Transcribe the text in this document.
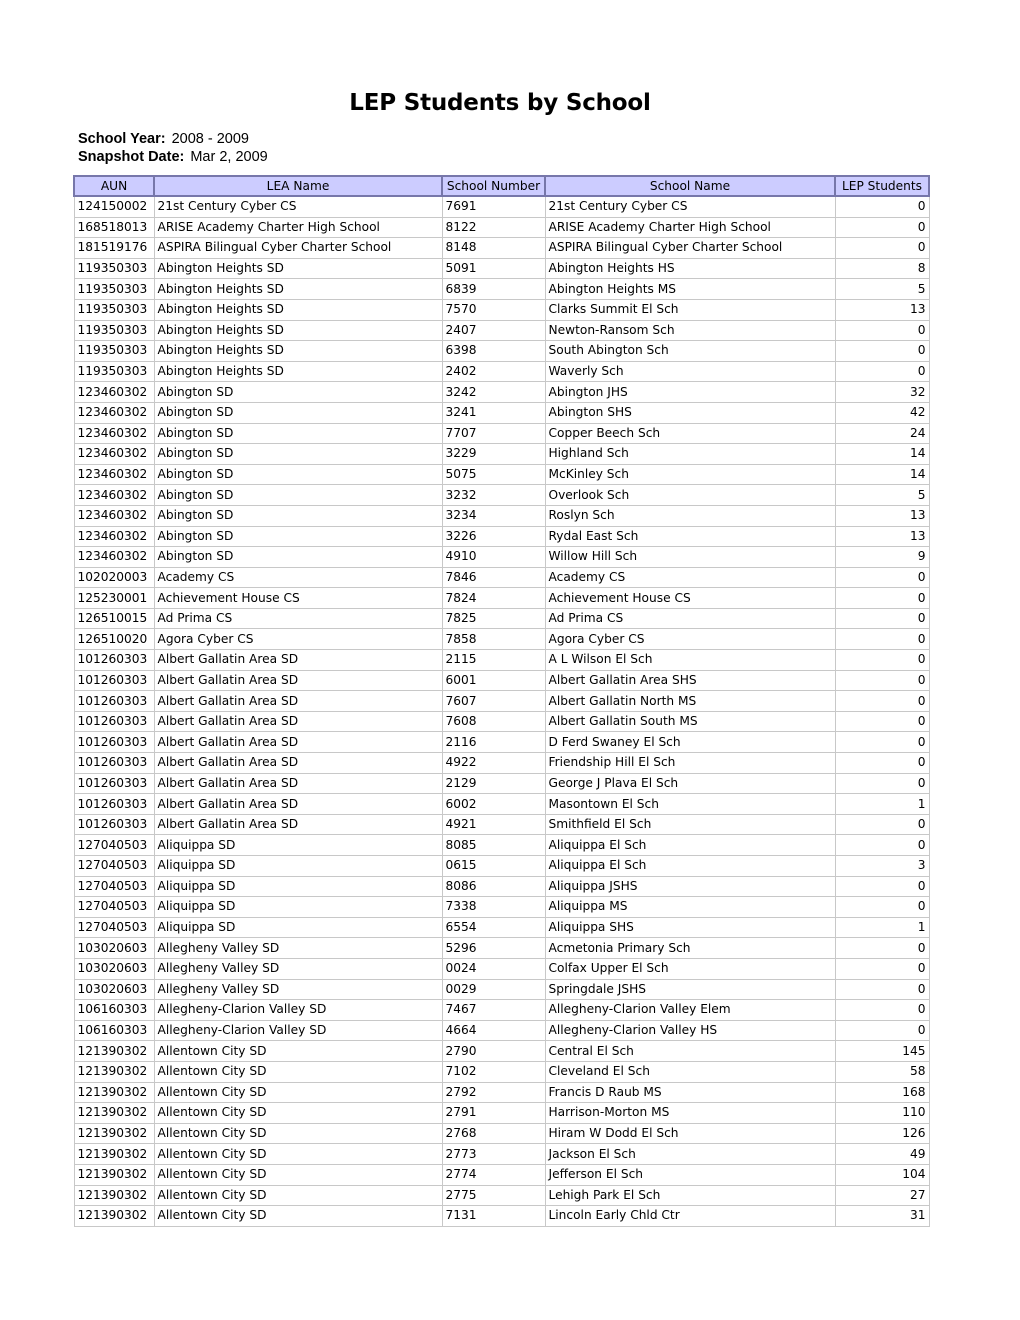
LEP Students by School
School Year: 2008 - 2009
Snapshot Date: Mar 2, 2009
AUN	LEA Name	School Number	School Name	LEP Students
124150002	21st Century Cyber CS	7691	21st Century Cyber CS	0
168518013	ARISE Academy Charter High School	8122	ARISE Academy Charter High School	0
181519176	ASPIRA Bilingual Cyber Charter School	8148	ASPIRA Bilingual Cyber Charter School	0
119350303	Abington Heights SD	5091	Abington Heights HS	8
119350303	Abington Heights SD	6839	Abington Heights MS	5
119350303	Abington Heights SD	7570	Clarks Summit El Sch	13
119350303	Abington Heights SD	2407	Newton-Ransom Sch	0
119350303	Abington Heights SD	6398	South Abington Sch	0
119350303	Abington Heights SD	2402	Waverly Sch	0
123460302	Abington SD	3242	Abington JHS	32
123460302	Abington SD	3241	Abington SHS	42
123460302	Abington SD	7707	Copper Beech Sch	24
123460302	Abington SD	3229	Highland Sch	14
123460302	Abington SD	5075	McKinley Sch	14
123460302	Abington SD	3232	Overlook Sch	5
123460302	Abington SD	3234	Roslyn Sch	13
123460302	Abington SD	3226	Rydal East Sch	13
123460302	Abington SD	4910	Willow Hill Sch	9
102020003	Academy CS	7846	Academy CS	0
125230001	Achievement House CS	7824	Achievement House CS	0
126510015	Ad Prima CS	7825	Ad Prima CS	0
126510020	Agora Cyber CS	7858	Agora Cyber CS	0
101260303	Albert Gallatin Area SD	2115	A L Wilson El Sch	0
101260303	Albert Gallatin Area SD	6001	Albert Gallatin Area SHS	0
101260303	Albert Gallatin Area SD	7607	Albert Gallatin North MS	0
101260303	Albert Gallatin Area SD	7608	Albert Gallatin South MS	0
101260303	Albert Gallatin Area SD	2116	D Ferd Swaney El Sch	0
101260303	Albert Gallatin Area SD	4922	Friendship Hill El Sch	0
101260303	Albert Gallatin Area SD	2129	George J Plava El Sch	0
101260303	Albert Gallatin Area SD	6002	Masontown El Sch	1
101260303	Albert Gallatin Area SD	4921	Smithfield El Sch	0
127040503	Aliquippa SD	8085	Aliquippa El Sch	0
127040503	Aliquippa SD	0615	Aliquippa El Sch	3
127040503	Aliquippa SD	8086	Aliquippa JSHS	0
127040503	Aliquippa SD	7338	Aliquippa MS	0
127040503	Aliquippa SD	6554	Aliquippa SHS	1
103020603	Allegheny Valley SD	5296	Acmetonia Primary Sch	0
103020603	Allegheny Valley SD	0024	Colfax Upper El Sch	0
103020603	Allegheny Valley SD	0029	Springdale JSHS	0
106160303	Allegheny-Clarion Valley SD	7467	Allegheny-Clarion Valley Elem	0
106160303	Allegheny-Clarion Valley SD	4664	Allegheny-Clarion Valley HS	0
121390302	Allentown City SD	2790	Central El Sch	145
121390302	Allentown City SD	7102	Cleveland El Sch	58
121390302	Allentown City SD	2792	Francis D Raub MS	168
121390302	Allentown City SD	2791	Harrison-Morton MS	110
121390302	Allentown City SD	2768	Hiram W Dodd El Sch	126
121390302	Allentown City SD	2773	Jackson El Sch	49
121390302	Allentown City SD	2774	Jefferson El Sch	104
121390302	Allentown City SD	2775	Lehigh Park El Sch	27
121390302	Allentown City SD	7131	Lincoln Early Chld Ctr	31
